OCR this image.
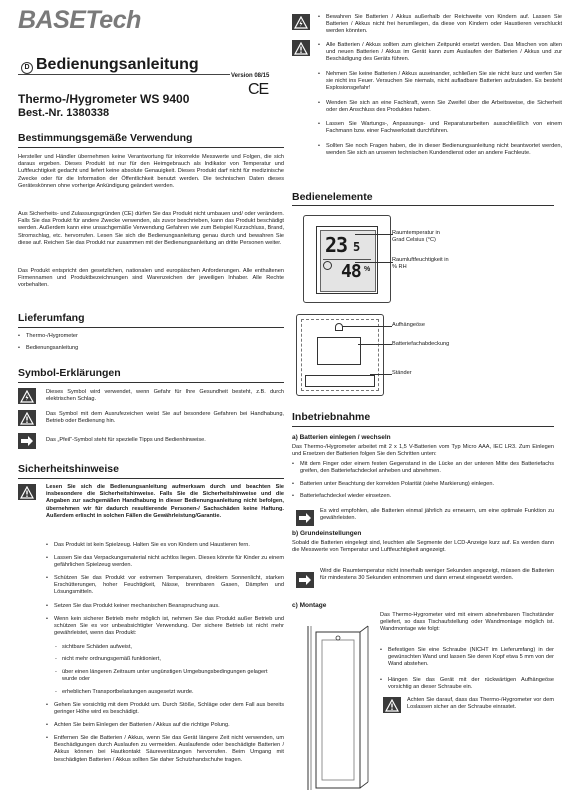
BASETech
D Bedienungsanleitung
Version 08/15
CE
Thermo-/Hygrometer WS 9400
Best.-Nr. 1380338
Bestimmungsgemäße Verwendung
Hersteller und Händler übernehmen keine Verantwortung für inkorrekte Messwerte und Folgen, die sich daraus ergeben. Dieses Produkt ist nur für den Heimgebrauch als Indikator von Temperatur und Luftfeuchtigkeit gedacht und liefert keine absolute Genauigkeit. Dieses Produkt darf nicht für medizinische Zwecke oder für die Information der Öffentlichkeit benutzt werden. Die technischen Daten dieses Geräteskönnen ohne vorherige Ankündigung geändert werden.
Aus Sicherheits- und Zulassungsgründen (CE) dürfen Sie das Produkt nicht umbauen und/ oder verändern. Falls Sie das Produkt für andere Zwecke verwenden, als zuvor beschrieben, kann das Produkt beschädigt werden. Außerdem kann eine unsachgemäße Verwendung Gefahren wie zum Beispiel Kurzschluss, Brand, Stromschlag, etc. hervorrufen. Lesen Sie sich die Bedienungsanleitung genau durch und bewahren Sie diese auf. Reichen Sie das Produkt nur zusammen mit der Bedienungsanleitung an dritte Personen weiter.
Das Produkt entspricht den gesetzlichen, nationalen und europäischen Anforderungen. Alle enthaltenen Firmennamen und Produktbezeichnungen sind Warenzeichen der jeweiligen Inhaber. Alle Rechte vorbehalten.
Lieferumfang
• Thermo-/Hygrometer
• Bedienungsanleitung
Symbol-Erklärungen
Dieses Symbol wird verwendet, wenn Gefahr für Ihre Gesundheit besteht, z.B. durch elektrischen Schlag.
Das Symbol mit dem Ausrufezeichen weist Sie auf besondere Gefahren bei Handhabung, Betrieb oder Bedienung hin.
Das „Pfeil“-Symbol steht für spezielle Tipps und Bedienhinweise.
Sicherheitshinweise
Lesen Sie sich die Bedienungsanleitung aufmerksam durch und beachten Sie insbesondere die Sicherheitshinweise. Falls Sie die Sicherheitshinweise und die Angaben zur sachgemäßen Handhabung in dieser Bedienungsanleitung nicht befolgen, übernehmen wir für dadurch resultierende Personen-/ Sachschäden keine Haftung. Außerdem erlischt in solchen Fällen die Gewährleistung/Garantie.
• Das Produkt ist kein Spielzeug. Halten Sie es von Kindern und Haustieren fern.
• Lassen Sie das Verpackungsmaterial nicht achtlos liegen. Dieses könnte für Kinder zu einem gefährlichen Spielzeug werden.
• Schützen Sie das Produkt vor extremen Temperaturen, direktem Sonnenlicht, starken Erschütterungen, hoher Feuchtigkeit, Nässe, brennbaren Gasen, Dämpfen und Lösungsmitteln.
• Setzen Sie das Produkt keiner mechanischen Beanspruchung aus.
• Wenn kein sicherer Betrieb mehr möglich ist, nehmen Sie das Produkt außer Betrieb und schützen Sie es vor unbeabsichtigter Verwendung. Der sichere Betrieb ist nicht mehr gewährleistet, wenn das Produkt:
- sichtbare Schäden aufweist,
- nicht mehr ordnungsgemäß funktioniert,
- über einen längeren Zeitraum unter ungünstigen Umgebungsbedingungen gelagert wurde oder
- erheblichen Transportbelastungen ausgesetzt wurde.
• Gehen Sie vorsichtig mit dem Produkt um. Durch Stöße, Schläge oder dem Fall aus bereits geringer Höhe wird es beschädigt.
• Achten Sie beim Einlegen der Batterien / Akkus auf die richtige Polung.
• Entfernen Sie die Batterien / Akkus, wenn Sie das Gerät längere Zeit nicht verwenden, um Beschädigungen durch Auslaufen zu vermeiden. Auslaufende oder beschädigte Batterien / Akkus können bei Hautkontakt Säureverätzungen hervorrufen. Beim Umgang mit beschädigten Batterien / Akkus sollten Sie daher Schutzhandschuhe tragen.
• Bewahren Sie Batterien / Akkus außerhalb der Reichweite von Kindern auf. Lassen Sie Batterien / Akkus nicht frei herumliegen, da diese von Kindern oder Haustieren verschluckt werden könnten.
• Alle Batterien / Akkus sollten zum gleichen Zeitpunkt ersetzt werden. Das Mischen von alten und neuen Batterien / Akkus im Gerät kann zum Auslaufen der Batterien / Akkus und zur Beschädigung des Geräts führen.
• Nehmen Sie keine Batterien / Akkus auseinander, schließen Sie sie nicht kurz und werfen Sie sie nicht ins Feuer. Versuchen Sie niemals, nicht aufladbare Batterien aufzuladen. Es besteht Explosionsgefahr!
• Wenden Sie sich an eine Fachkraft, wenn Sie Zweifel über die Arbeitsweise, die Sicherheit oder den Anschluss des Produktes haben.
• Lassen Sie Wartungs-, Anpassungs- und Reparaturarbeiten ausschließlich von einem Fachmann bzw. einer Fachwerkstatt durchführen.
• Sollten Sie noch Fragen haben, die in dieser Bedienungsanleitung nicht beantwortet werden, wenden Sie sich an unseren technischen Kundendienst oder an andere Fachleute.
Bedienelemente
23 5
48 %
Raumtemperatur in Grad Celsius (°C)
Raumluftfeuchtigkeit in % RH
Aufhängeöse
Batteriefachabdeckung
Ständer
Inbetriebnahme
a) Batterien einlegen / wechseln
Das Thermo-/Hygrometer arbeitet mit 2 x 1,5 V-Batterien vom Typ Micro AAA, IEC LR3. Zum Einlegen und Ersetzen der Batterien folgen Sie den Schritten unten:
• Mit dem Finger oder einem festen Gegenstand in die Lücke an der unteren Mitte des Batteriefachs greifen, den Batteriefachdeckel anheben und abnehmen.
• Batterien unter Beachtung der korrekten Polarität (siehe Markierung) einlegen.
• Batteriefachdeckel wieder einsetzen.
Es wird empfohlen, alle Batterien einmal jährlich zu erneuern, um eine optimale Funktion zu gewährleisten.
b) Grundeinstellungen
Sobald die Batterien eingelegt sind, leuchten alle Segmente der LCD-Anzeige kurz auf. Es werden dann die Messwerte von Temperatur und Luftfeuchtigkeit angezeigt.
Wird die Raumtemperatur nicht innerhalb weniger Sekunden angezeigt, müssen die Batterien für mindestens 30 Sekunden entnommen und dann erneut eingesetzt werden.
c) Montage
Das Thermo-Hygrometer wird mit einem abnehmbaren Tischständer geliefert, so dass Tischaufstellung oder Wandmontage möglich ist. Wandmontage wie folgt:
• Befestigen Sie eine Schraube (NICHT im Lieferumfang) in der gewünschten Wand und lassen Sie deren Kopf etwa 5 mm von der Wand abstehen.
• Hängen Sie das Gerät mit der rückwärtigen Aufhängeöse vorsichtig an dieser Schraube ein.
Achten Sie darauf, dass das Thermo-/Hygrometer vor dem Loslassen sicher an der Schraube einrastet.
